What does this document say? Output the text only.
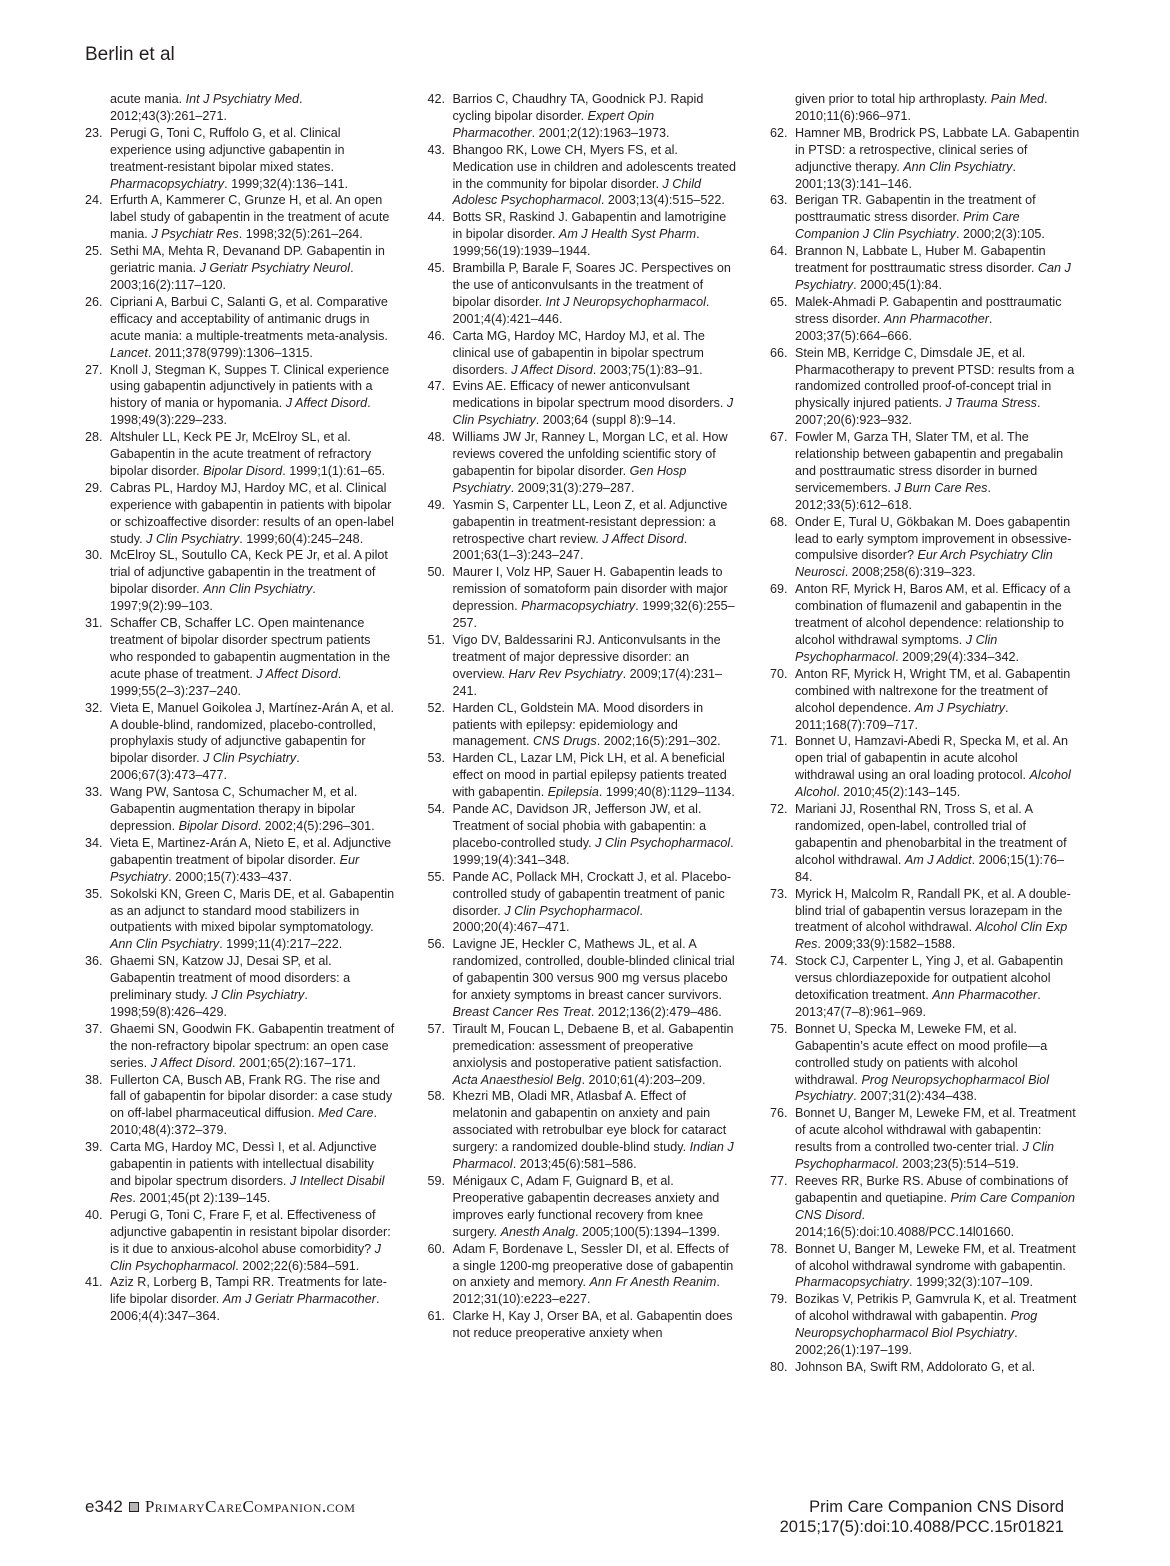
Berlin et al
acute mania. Int J Psychiatry Med. 2012;43(3):261–271.
23. Perugi G, Toni C, Ruffolo G, et al. Clinical experience using adjunctive gabapentin in treatment-resistant bipolar mixed states. Pharmacopsychiatry. 1999;32(4):136–141.
24. Erfurth A, Kammerer C, Grunze H, et al. An open label study of gabapentin in the treatment of acute mania. J Psychiatr Res. 1998;32(5):261–264.
25. Sethi MA, Mehta R, Devanand DP. Gabapentin in geriatric mania. J Geriatr Psychiatry Neurol. 2003;16(2):117–120.
26. Cipriani A, Barbui C, Salanti G, et al. Comparative efficacy and acceptability of antimanic drugs in acute mania: a multiple-treatments meta-analysis. Lancet. 2011;378(9799):1306–1315.
27. Knoll J, Stegman K, Suppes T. Clinical experience using gabapentin adjunctively in patients with a history of mania or hypomania. J Affect Disord. 1998;49(3):229–233.
28. Altshuler LL, Keck PE Jr, McElroy SL, et al. Gabapentin in the acute treatment of refractory bipolar disorder. Bipolar Disord. 1999;1(1):61–65.
29. Cabras PL, Hardoy MJ, Hardoy MC, et al. Clinical experience with gabapentin in patients with bipolar or schizoaffective disorder: results of an open-label study. J Clin Psychiatry. 1999;60(4):245–248.
30. McElroy SL, Soutullo CA, Keck PE Jr, et al. A pilot trial of adjunctive gabapentin in the treatment of bipolar disorder. Ann Clin Psychiatry. 1997;9(2):99–103.
31. Schaffer CB, Schaffer LC. Open maintenance treatment of bipolar disorder spectrum patients who responded to gabapentin augmentation in the acute phase of treatment. J Affect Disord. 1999;55(2–3):237–240.
32. Vieta E, Manuel Goikolea J, Martínez-Arán A, et al. A double-blind, randomized, placebo-controlled, prophylaxis study of adjunctive gabapentin for bipolar disorder. J Clin Psychiatry. 2006;67(3):473–477.
33. Wang PW, Santosa C, Schumacher M, et al. Gabapentin augmentation therapy in bipolar depression. Bipolar Disord. 2002;4(5):296–301.
34. Vieta E, Martinez-Arán A, Nieto E, et al. Adjunctive gabapentin treatment of bipolar disorder. Eur Psychiatry. 2000;15(7):433–437.
35. Sokolski KN, Green C, Maris DE, et al. Gabapentin as an adjunct to standard mood stabilizers in outpatients with mixed bipolar symptomatology. Ann Clin Psychiatry. 1999;11(4):217–222.
36. Ghaemi SN, Katzow JJ, Desai SP, et al. Gabapentin treatment of mood disorders: a preliminary study. J Clin Psychiatry. 1998;59(8):426–429.
37. Ghaemi SN, Goodwin FK. Gabapentin treatment of the non-refractory bipolar spectrum: an open case series. J Affect Disord. 2001;65(2):167–171.
38. Fullerton CA, Busch AB, Frank RG. The rise and fall of gabapentin for bipolar disorder: a case study on off-label pharmaceutical diffusion. Med Care. 2010;48(4):372–379.
39. Carta MG, Hardoy MC, Dessì I, et al. Adjunctive gabapentin in patients with intellectual disability and bipolar spectrum disorders. J Intellect Disabil Res. 2001;45(pt 2):139–145.
40. Perugi G, Toni C, Frare F, et al. Effectiveness of adjunctive gabapentin in resistant bipolar disorder: is it due to anxious-alcohol abuse comorbidity? J Clin Psychopharmacol. 2002;22(6):584–591.
41. Aziz R, Lorberg B, Tampi RR. Treatments for late-life bipolar disorder. Am J Geriatr Pharmacother. 2006;4(4):347–364.
42. Barrios C, Chaudhry TA, Goodnick PJ. Rapid cycling bipolar disorder. Expert Opin Pharmacother. 2001;2(12):1963–1973.
43. Bhangoo RK, Lowe CH, Myers FS, et al. Medication use in children and adolescents treated in the community for bipolar disorder. J Child Adolesc Psychopharmacol. 2003;13(4):515–522.
44. Botts SR, Raskind J. Gabapentin and lamotrigine in bipolar disorder. Am J Health Syst Pharm. 1999;56(19):1939–1944.
45. Brambilla P, Barale F, Soares JC. Perspectives on the use of anticonvulsants in the treatment of bipolar disorder. Int J Neuropsychopharmacol. 2001;4(4):421–446.
46. Carta MG, Hardoy MC, Hardoy MJ, et al. The clinical use of gabapentin in bipolar spectrum disorders. J Affect Disord. 2003;75(1):83–91.
47. Evins AE. Efficacy of newer anticonvulsant medications in bipolar spectrum mood disorders. J Clin Psychiatry. 2003;64 (suppl 8):9–14.
48. Williams JW Jr, Ranney L, Morgan LC, et al. How reviews covered the unfolding scientific story of gabapentin for bipolar disorder. Gen Hosp Psychiatry. 2009;31(3):279–287.
49. Yasmin S, Carpenter LL, Leon Z, et al. Adjunctive gabapentin in treatment-resistant depression: a retrospective chart review. J Affect Disord. 2001;63(1–3):243–247.
50. Maurer I, Volz HP, Sauer H. Gabapentin leads to remission of somatoform pain disorder with major depression. Pharmacopsychiatry. 1999;32(6):255–257.
51. Vigo DV, Baldessarini RJ. Anticonvulsants in the treatment of major depressive disorder: an overview. Harv Rev Psychiatry. 2009;17(4):231–241.
52. Harden CL, Goldstein MA. Mood disorders in patients with epilepsy: epidemiology and management. CNS Drugs. 2002;16(5):291–302.
53. Harden CL, Lazar LM, Pick LH, et al. A beneficial effect on mood in partial epilepsy patients treated with gabapentin. Epilepsia. 1999;40(8):1129–1134.
54. Pande AC, Davidson JR, Jefferson JW, et al. Treatment of social phobia with gabapentin: a placebo-controlled study. J Clin Psychopharmacol. 1999;19(4):341–348.
55. Pande AC, Pollack MH, Crockatt J, et al. Placebo-controlled study of gabapentin treatment of panic disorder. J Clin Psychopharmacol. 2000;20(4):467–471.
56. Lavigne JE, Heckler C, Mathews JL, et al. A randomized, controlled, double-blinded clinical trial of gabapentin 300 versus 900 mg versus placebo for anxiety symptoms in breast cancer survivors. Breast Cancer Res Treat. 2012;136(2):479–486.
57. Tirault M, Foucan L, Debaene B, et al. Gabapentin premedication: assessment of preoperative anxiolysis and postoperative patient satisfaction. Acta Anaesthesiol Belg. 2010;61(4):203–209.
58. Khezri MB, Oladi MR, Atlasbaf A. Effect of melatonin and gabapentin on anxiety and pain associated with retrobulbar eye block for cataract surgery: a randomized double-blind study. Indian J Pharmacol. 2013;45(6):581–586.
59. Ménigaux C, Adam F, Guignard B, et al. Preoperative gabapentin decreases anxiety and improves early functional recovery from knee surgery. Anesth Analg. 2005;100(5):1394–1399.
60. Adam F, Bordenave L, Sessler DI, et al. Effects of a single 1200-mg preoperative dose of gabapentin on anxiety and memory. Ann Fr Anesth Reanim. 2012;31(10):e223–e227.
61. Clarke H, Kay J, Orser BA, et al. Gabapentin does not reduce preoperative anxiety when
given prior to total hip arthroplasty. Pain Med. 2010;11(6):966–971.
62. Hamner MB, Brodrick PS, Labbate LA. Gabapentin in PTSD: a retrospective, clinical series of adjunctive therapy. Ann Clin Psychiatry. 2001;13(3):141–146.
63. Berigan TR. Gabapentin in the treatment of posttraumatic stress disorder. Prim Care Companion J Clin Psychiatry. 2000;2(3):105.
64. Brannon N, Labbate L, Huber M. Gabapentin treatment for posttraumatic stress disorder. Can J Psychiatry. 2000;45(1):84.
65. Malek-Ahmadi P. Gabapentin and posttraumatic stress disorder. Ann Pharmacother. 2003;37(5):664–666.
66. Stein MB, Kerridge C, Dimsdale JE, et al. Pharmacotherapy to prevent PTSD: results from a randomized controlled proof-of-concept trial in physically injured patients. J Trauma Stress. 2007;20(6):923–932.
67. Fowler M, Garza TH, Slater TM, et al. The relationship between gabapentin and pregabalin and posttraumatic stress disorder in burned servicemembers. J Burn Care Res. 2012;33(5):612–618.
68. Onder E, Tural U, Gökbakan M. Does gabapentin lead to early symptom improvement in obsessive-compulsive disorder? Eur Arch Psychiatry Clin Neurosci. 2008;258(6):319–323.
69. Anton RF, Myrick H, Baros AM, et al. Efficacy of a combination of flumazenil and gabapentin in the treatment of alcohol dependence: relationship to alcohol withdrawal symptoms. J Clin Psychopharmacol. 2009;29(4):334–342.
70. Anton RF, Myrick H, Wright TM, et al. Gabapentin combined with naltrexone for the treatment of alcohol dependence. Am J Psychiatry. 2011;168(7):709–717.
71. Bonnet U, Hamzavi-Abedi R, Specka M, et al. An open trial of gabapentin in acute alcohol withdrawal using an oral loading protocol. Alcohol Alcohol. 2010;45(2):143–145.
72. Mariani JJ, Rosenthal RN, Tross S, et al. A randomized, open-label, controlled trial of gabapentin and phenobarbital in the treatment of alcohol withdrawal. Am J Addict. 2006;15(1):76–84.
73. Myrick H, Malcolm R, Randall PK, et al. A double-blind trial of gabapentin versus lorazepam in the treatment of alcohol withdrawal. Alcohol Clin Exp Res. 2009;33(9):1582–1588.
74. Stock CJ, Carpenter L, Ying J, et al. Gabapentin versus chlordiazepoxide for outpatient alcohol detoxification treatment. Ann Pharmacother. 2013;47(7–8):961–969.
75. Bonnet U, Specka M, Leweke FM, et al. Gabapentin’s acute effect on mood profile—a controlled study on patients with alcohol withdrawal. Prog Neuropsychopharmacol Biol Psychiatry. 2007;31(2):434–438.
76. Bonnet U, Banger M, Leweke FM, et al. Treatment of acute alcohol withdrawal with gabapentin: results from a controlled two-center trial. J Clin Psychopharmacol. 2003;23(5):514–519.
77. Reeves RR, Burke RS. Abuse of combinations of gabapentin and quetiapine. Prim Care Companion CNS Disord. 2014;16(5):doi:10.4088/PCC.14l01660.
78. Bonnet U, Banger M, Leweke FM, et al. Treatment of alcohol withdrawal syndrome with gabapentin. Pharmacopsychiatry. 1999;32(3):107–109.
79. Bozikas V, Petrikis P, Gamvrula K, et al. Treatment of alcohol withdrawal with gabapentin. Prog Neuropsychopharmacol Biol Psychiatry. 2002;26(1):197–199.
80. Johnson BA, Swift RM, Addolorato G, et al.
e342 PrimaryCareCompanion.com	Prim Care Companion CNS Disord
2015;17(5):doi:10.4088/PCC.15r01821
